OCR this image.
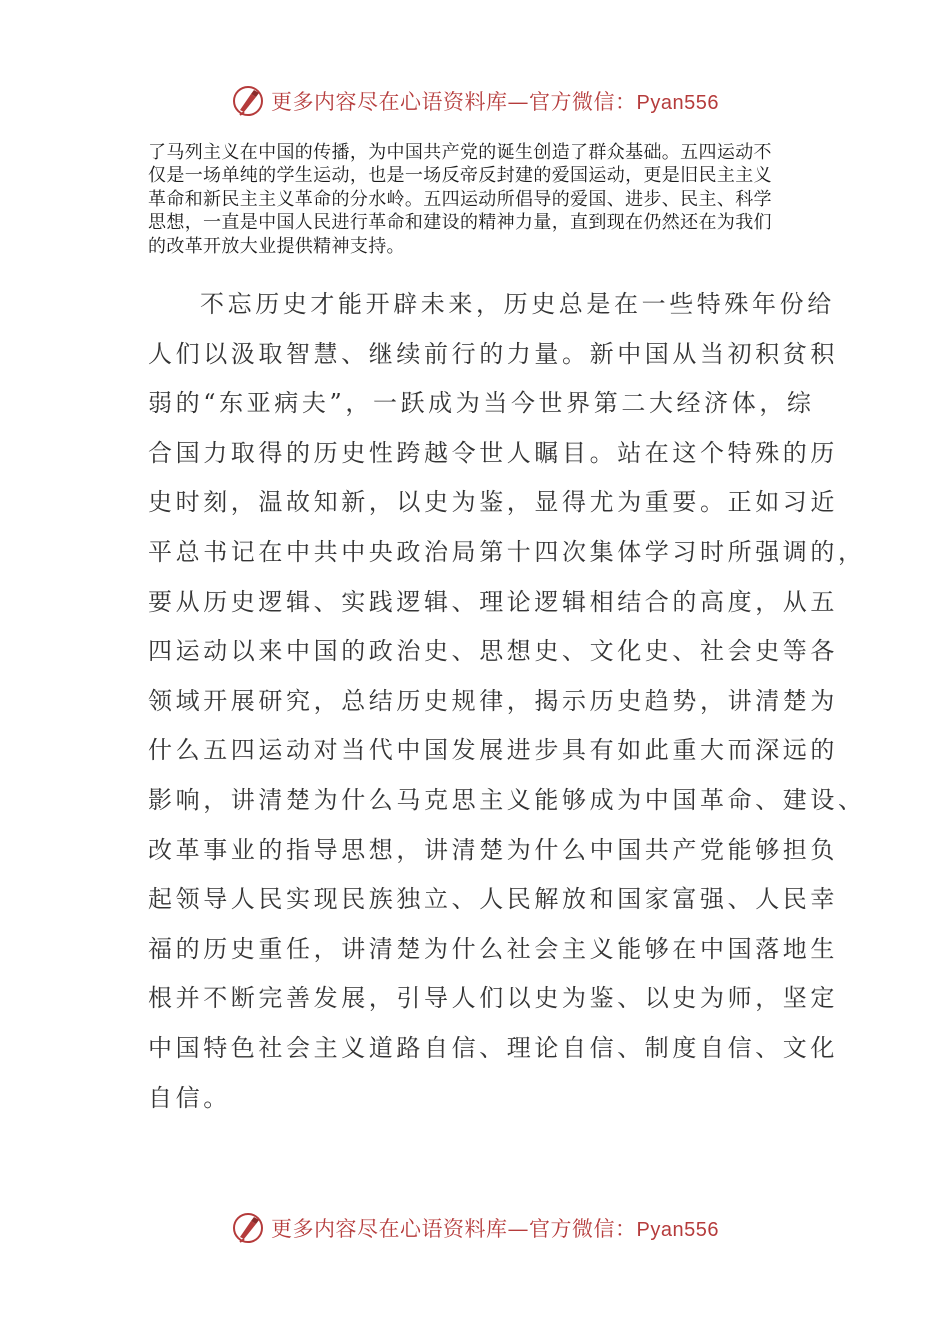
更多内容尽在心语资料库—官方微信：Pyan556
了马列主义在中国的传播，为中国共产党的诞生创造了群众基础。五四运动不
仅是一场单纯的学生运动，也是一场反帝反封建的爱国运动，更是旧民主主义
革命和新民主主义革命的分水岭。五四运动所倡导的爱国、进步、民主、科学
思想，一直是中国人民进行革命和建设的精神力量，直到现在仍然还在为我们
的改革开放大业提供精神支持。
不忘历史才能开辟未来，历史总是在一些特殊年份给
人们以汲取智慧、继续前行的力量。新中国从当初积贫积
弱的“东亚病夫”，一跃成为当今世界第二大经济体，综
合国力取得的历史性跨越令世人瞩目。站在这个特殊的历
史时刻，温故知新，以史为鉴，显得尤为重要。正如习近
平总书记在中共中央政治局第十四次集体学习时所强调的，
要从历史逻辑、实践逻辑、理论逻辑相结合的高度，从五
四运动以来中国的政治史、思想史、文化史、社会史等各
领域开展研究，总结历史规律，揭示历史趋势，讲清楚为
什么五四运动对当代中国发展进步具有如此重大而深远的
影响，讲清楚为什么马克思主义能够成为中国革命、建设、
改革事业的指导思想，讲清楚为什么中国共产党能够担负
起领导人民实现民族独立、人民解放和国家富强、人民幸
福的历史重任，讲清楚为什么社会主义能够在中国落地生
根并不断完善发展，引导人们以史为鉴、以史为师，坚定
中国特色社会主义道路自信、理论自信、制度自信、文化
自信。
更多内容尽在心语资料库—官方微信：Pyan556
